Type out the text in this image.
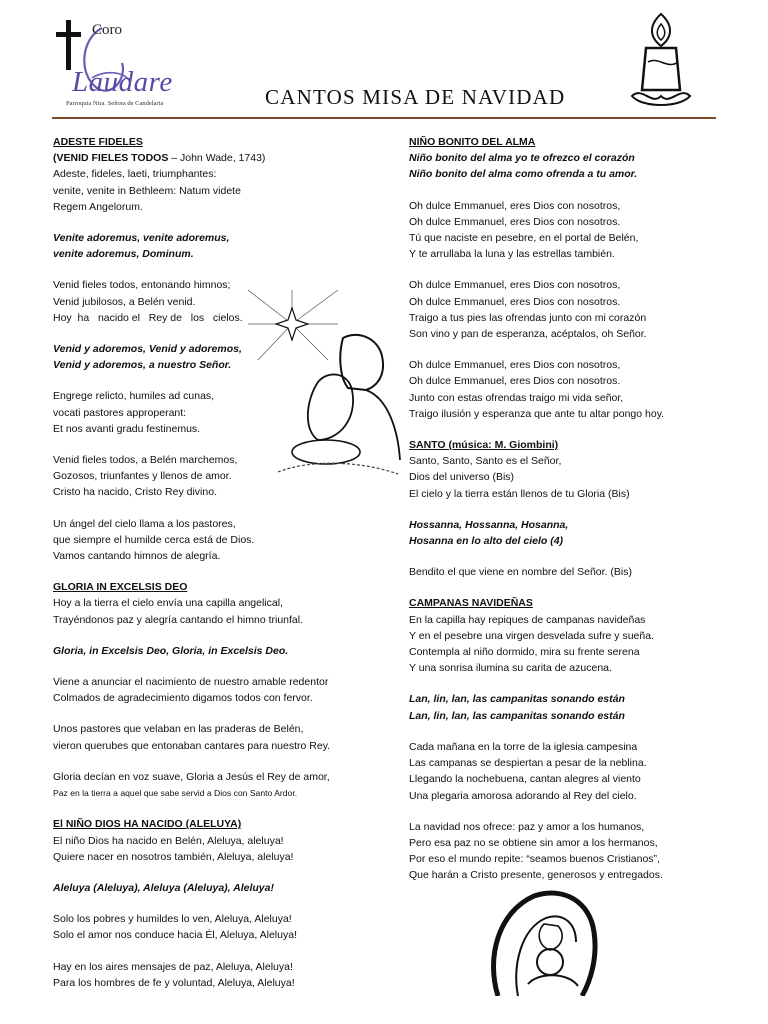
Coro
Laudare
Parroquia Ntra. Señora de Candelaria	CANTOS MISA DE NAVIDAD

ADESTE FIDELES

(VENID FIELES TODOS – John Wade, 1743)

Adeste, fideles, laeti, triumphantes:

venite, venite in Bethleem: Natum videte

Regem Angelorum.

Venite adoremus, venite adoremus,

venite adoremus, Dominum.

Venid fieles todos, entonando himnos;

Venid jubilosos, a Belén venid.

Hoy  ha   nacido el   Rey de   los   cielos.

Venid y adoremos, Venid y adoremos,

Venid y adoremos, a nuestro Señor.

Engrege relicto, humiles ad cunas,

vocati pastores approperant:

Et nos avanti gradu festinemus.

Venid fieles todos, a Belén marchemos,

Gozosos, triunfantes y llenos de amor.

Cristo ha nacido, Cristo Rey divino.

Un ángel del cielo llama a los pastores,

que siempre el humilde cerca está de Dios.

Vamos cantando himnos de alegría.

GLORIA IN EXCELSIS DEO

Hoy a la tierra el cielo envía una capilla angelical,

Trayéndonos paz y alegría cantando el himno triunfal.

Gloria, in Excelsis Deo, Gloria, in Excelsis Deo.

Viene a anunciar el nacimiento de nuestro amable redentor

Colmados de agradecimiento digamos todos con fervor.

Unos pastores que velaban en las praderas de Belén,

vieron querubes que entonaban cantares para nuestro Rey.

Gloria decían en voz suave, Gloria a Jesús el Rey de amor,

Paz en la tierra a aquel que sabe servid a Dios con Santo Ardor.

El NIÑO DIOS HA NACIDO (ALELUYA)

El niño Dios ha nacido en Belén, Aleluya, aleluya!

Quiere nacer en nosotros también, Aleluya, aleluya!

Aleluya (Aleluya), Aleluya (Aleluya), Aleluya!

Solo los pobres y humildes lo ven, Aleluya, Aleluya!

Solo el amor nos conduce hacia Él, Aleluya, Aleluya!

Hay en los aires mensajes de paz, Aleluya, Aleluya!

Para los hombres de fe y voluntad, Aleluya, Aleluya!

NIÑO BONITO DEL ALMA

Niño bonito del alma yo te ofrezco el corazón

Niño bonito del alma como ofrenda a tu amor.

Oh dulce Emmanuel, eres Dios con nosotros,

Oh dulce Emmanuel, eres Dios con nosotros.

Tú que naciste en pesebre, en el portal de Belén,

Y te arrullaba la luna y las estrellas también.

Oh dulce Emmanuel, eres Dios con nosotros,

Oh dulce Emmanuel, eres Dios con nosotros.

Traigo a tus pies las ofrendas junto con mi corazón

Son vino y pan de esperanza, acéptalos, oh Señor.

Oh dulce Emmanuel, eres Dios con nosotros,

Oh dulce Emmanuel, eres Dios con nosotros.

Junto con estas ofrendas traigo mi vida señor,

Traigo ilusión y esperanza que ante tu altar pongo hoy.

SANTO (música: M. Giombini)

Santo, Santo, Santo es el Señor,

Dios del universo (Bis)

El cielo y la tierra están llenos de tu Gloria (Bis)

Hossanna, Hossanna, Hosanna,

Hosanna en lo alto del cielo (4)

Bendito el que viene en nombre del Señor. (Bis)

CAMPANAS NAVIDEÑAS

En la capilla hay repiques de campanas navideñas

Y en el pesebre una virgen desvelada sufre y sueña.

Contempla al niño dormido, mira su frente serena

Y una sonrisa ilumina su carita de azucena.

Lan, lin, lan, las campanitas sonando están

Lan, lin, lan, las campanitas sonando están

Cada mañana en la torre de la iglesia campesina

Las campanas se despiertan a pesar de la neblina.

Llegando la nochebuena, cantan alegres al viento

Una plegaria amorosa adorando al Rey del cielo.

La navidad nos ofrece: paz y amor a los humanos,

Pero esa paz no se obtiene sin amor a los hermanos,

Por eso el mundo repite: “seamos buenos Cristianos”,

Que harán a Cristo presente, generosos y entregados.
